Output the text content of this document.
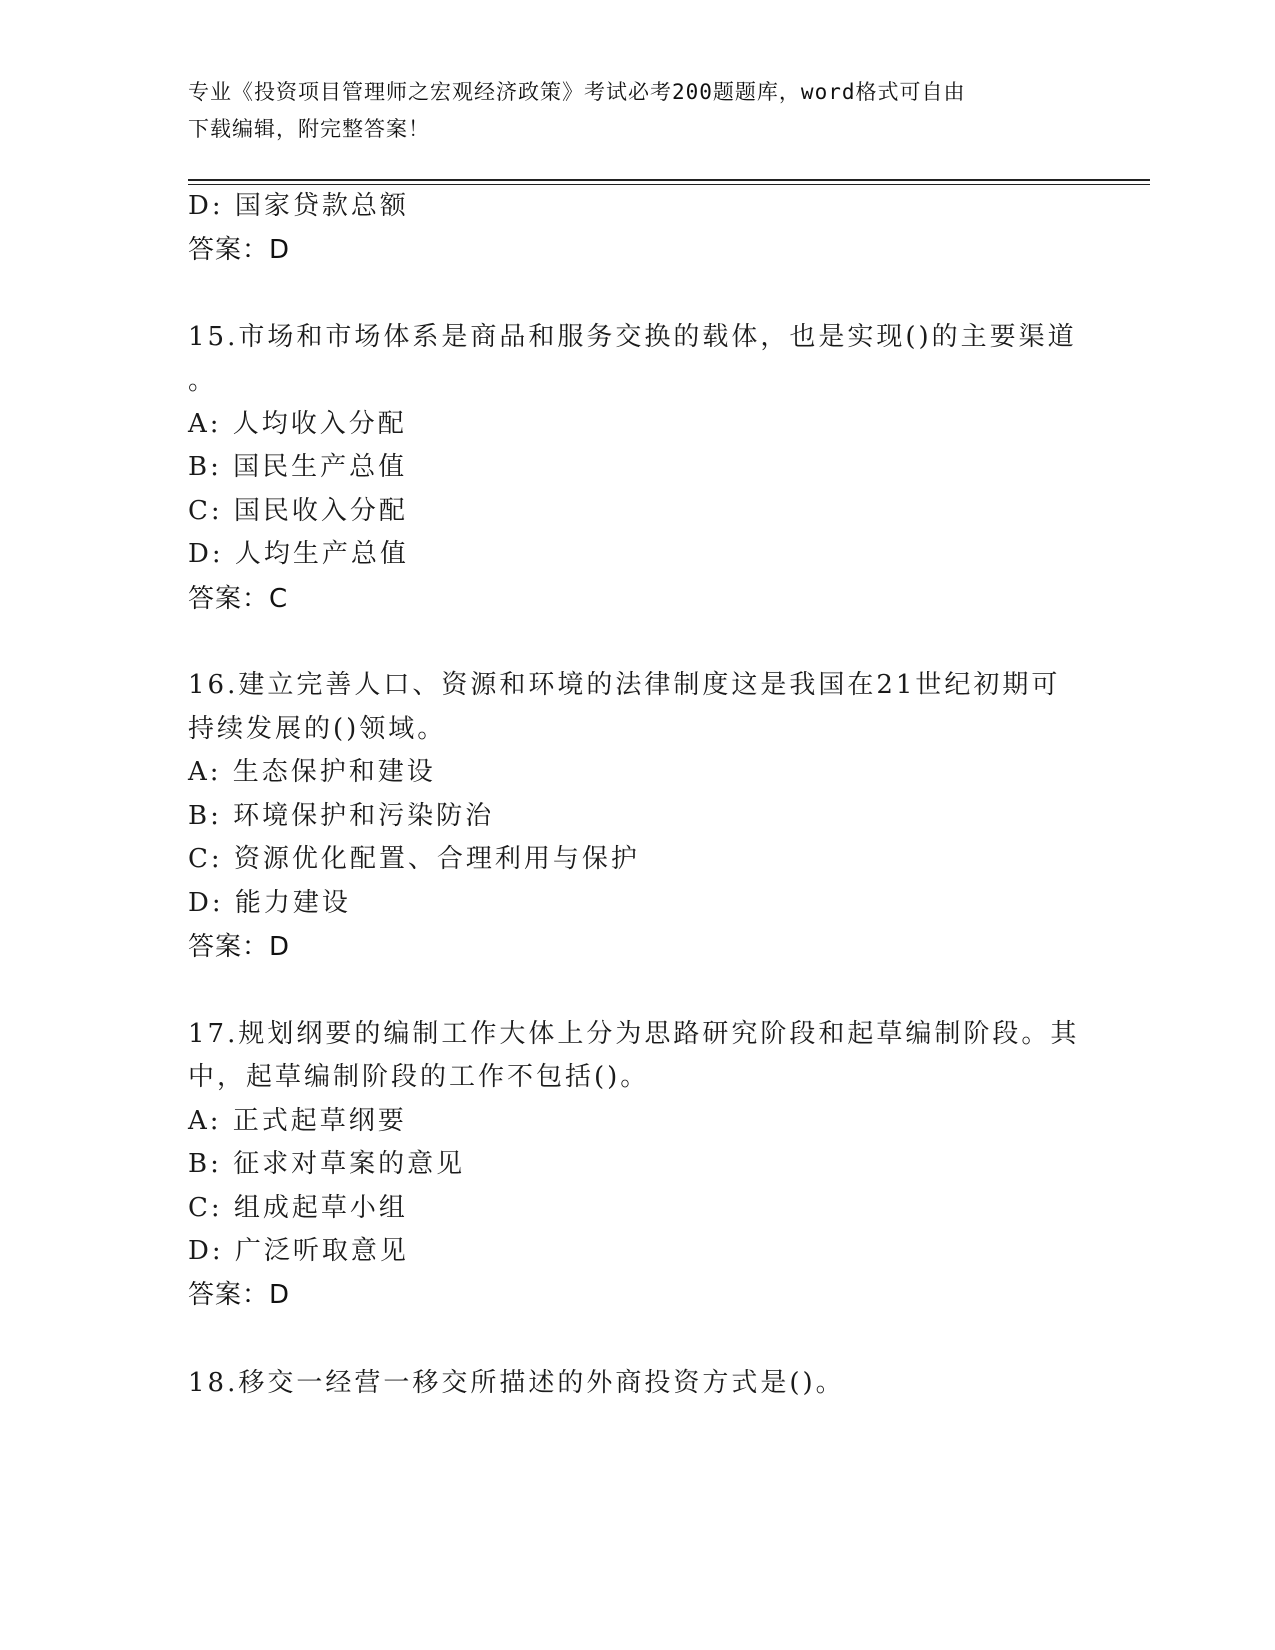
专业《投资项目管理师之宏观经济政策》考试必考200题题库，word格式可自由
下载编辑，附完整答案！
D: 国家贷款总额
答案：D
15.市场和市场体系是商品和服务交换的载体，也是实现()的主要渠道
。
A: 人均收入分配
B: 国民生产总值
C: 国民收入分配
D: 人均生产总值
答案：C
16.建立完善人口、资源和环境的法律制度这是我国在21世纪初期可
持续发展的()领域。
A: 生态保护和建设
B: 环境保护和污染防治
C: 资源优化配置、合理利用与保护
D: 能力建设
答案：D
17.规划纲要的编制工作大体上分为思路研究阶段和起草编制阶段。其
中，起草编制阶段的工作不包括()。
A: 正式起草纲要
B: 征求对草案的意见
C: 组成起草小组
D: 广泛听取意见
答案：D
18.移交一经营一移交所描述的外商投资方式是()。
